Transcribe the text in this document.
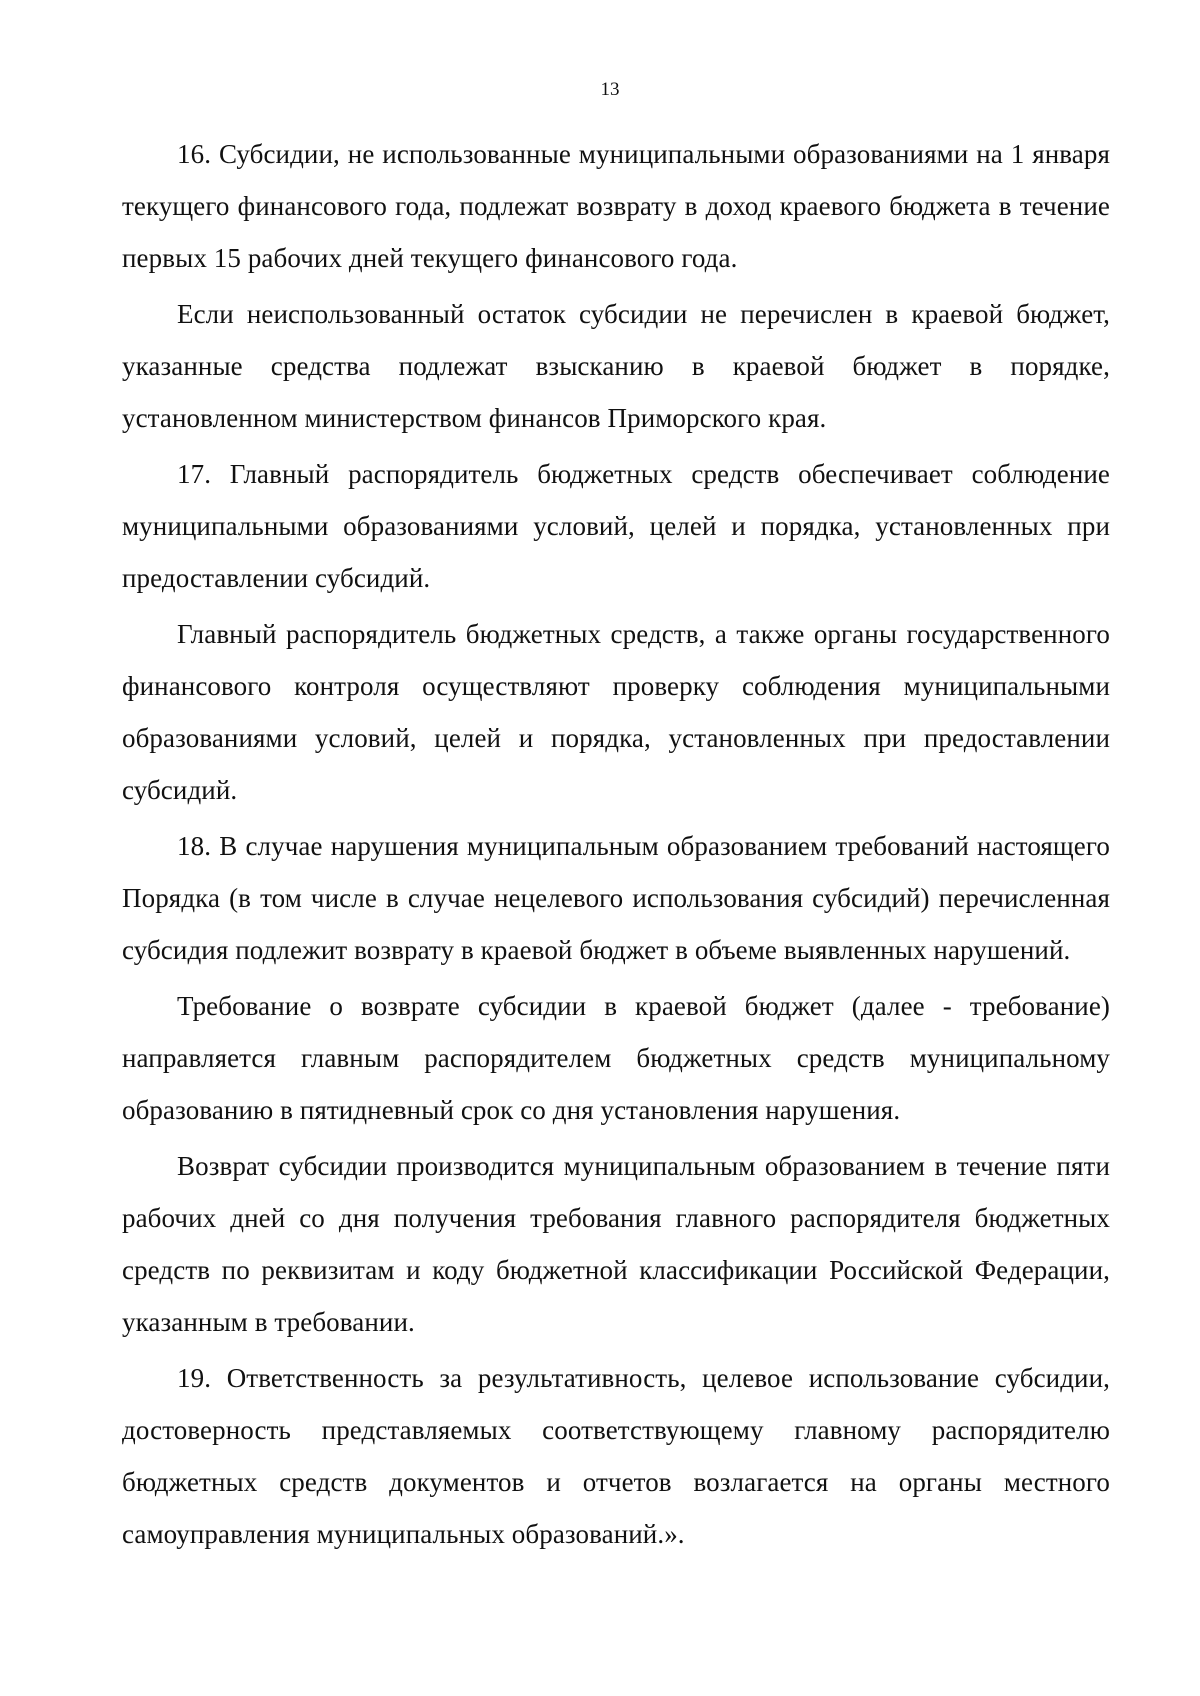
13

16. Субсидии, не использованные муниципальными образованиями на 1 января текущего финансового года, подлежат возврату в доход краевого бюджета в течение первых 15 рабочих дней текущего финансового года.

Если неиспользованный остаток субсидии не перечислен в краевой бюджет, указанные средства подлежат взысканию в краевой бюджет в порядке, установленном министерством финансов Приморского края.

17. Главный распорядитель бюджетных средств обеспечивает соблюдение муниципальными образованиями условий, целей и порядка, установленных при предоставлении субсидий.

Главный распорядитель бюджетных средств, а также органы государственного финансового контроля осуществляют проверку соблюдения муниципальными образованиями условий, целей и порядка, установленных при предоставлении субсидий.

18. В случае нарушения муниципальным образованием требований настоящего Порядка (в том числе в случае нецелевого использования субсидий) перечисленная субсидия подлежит возврату в краевой бюджет в объеме выявленных нарушений.

Требование о возврате субсидии в краевой бюджет (далее - требование) направляется главным распорядителем бюджетных средств муниципальному образованию в пятидневный срок со дня установления нарушения.

Возврат субсидии производится муниципальным образованием в течение пяти рабочих дней со дня получения требования главного распорядителя бюджетных средств по реквизитам и коду бюджетной классификации Российской Федерации, указанным в требовании.

19. Ответственность за результативность, целевое использование субсидии, достоверность представляемых соответствующему главному распорядителю бюджетных средств документов и отчетов возлагается на органы местного самоуправления муниципальных образований.».
